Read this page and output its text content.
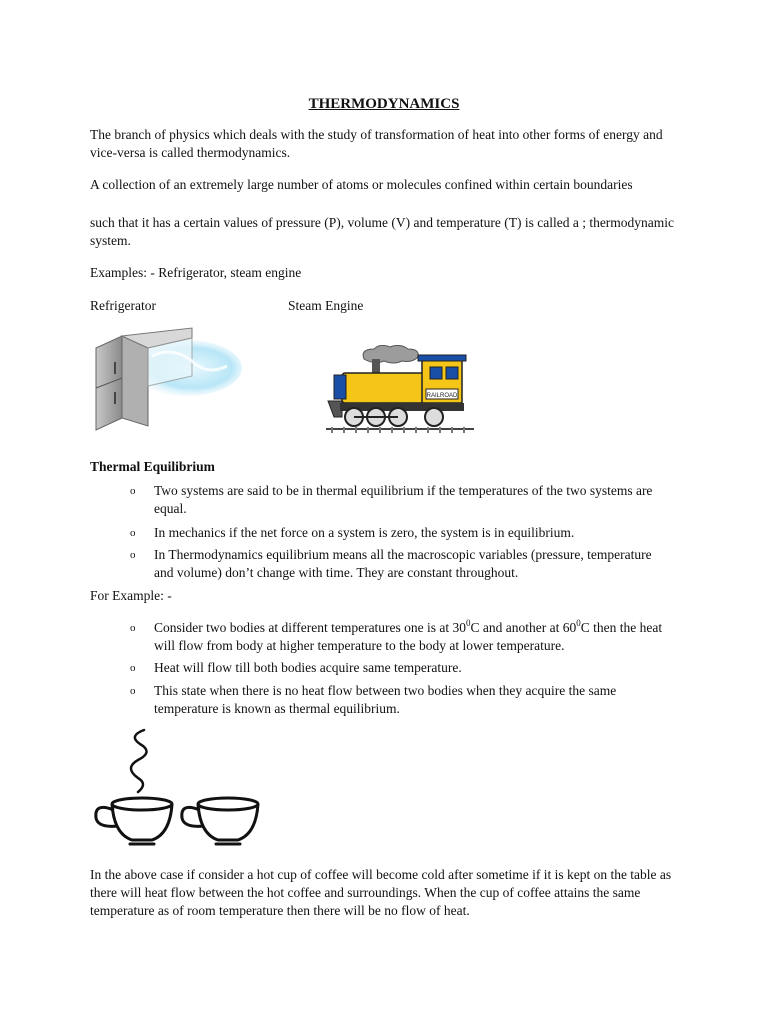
THERMODYNAMICS

The branch of physics which deals with the study of transformation of heat into other forms of energy and vice-versa is called thermodynamics.

A collection of an extremely large number of atoms or molecules confined within certain boundaries

such that it has a certain values of pressure (P), volume (V) and temperature (T) is called a ; thermodynamic system.

Examples: - Refrigerator, steam engine

Refrigerator	Steam Engine

RAILROAD

Thermal Equilibrium

o Two systems are said to be in thermal equilibrium if the temperatures of the two systems are equal.
o In mechanics if the net force on a system is zero, the system is in equilibrium.
o In Thermodynamics equilibrium means all the macroscopic variables (pressure, temperature and volume) don’t change with time. They are constant throughout.

For Example: -

o Consider two bodies at different temperatures one is at $30^0C$ and another at $60^0C$ then the heat will flow from body at higher temperature to the body at lower temperature.
o Heat will flow till both bodies acquire same temperature.
o This state when there is no heat flow between two bodies when they acquire the same temperature is known as thermal equilibrium.

In the above case if consider a hot cup of coffee will become cold after sometime if it is kept on the table as there will heat flow between the hot coffee and surroundings. When the cup of coffee attains the same temperature as of room temperature then there will be no flow of heat.
